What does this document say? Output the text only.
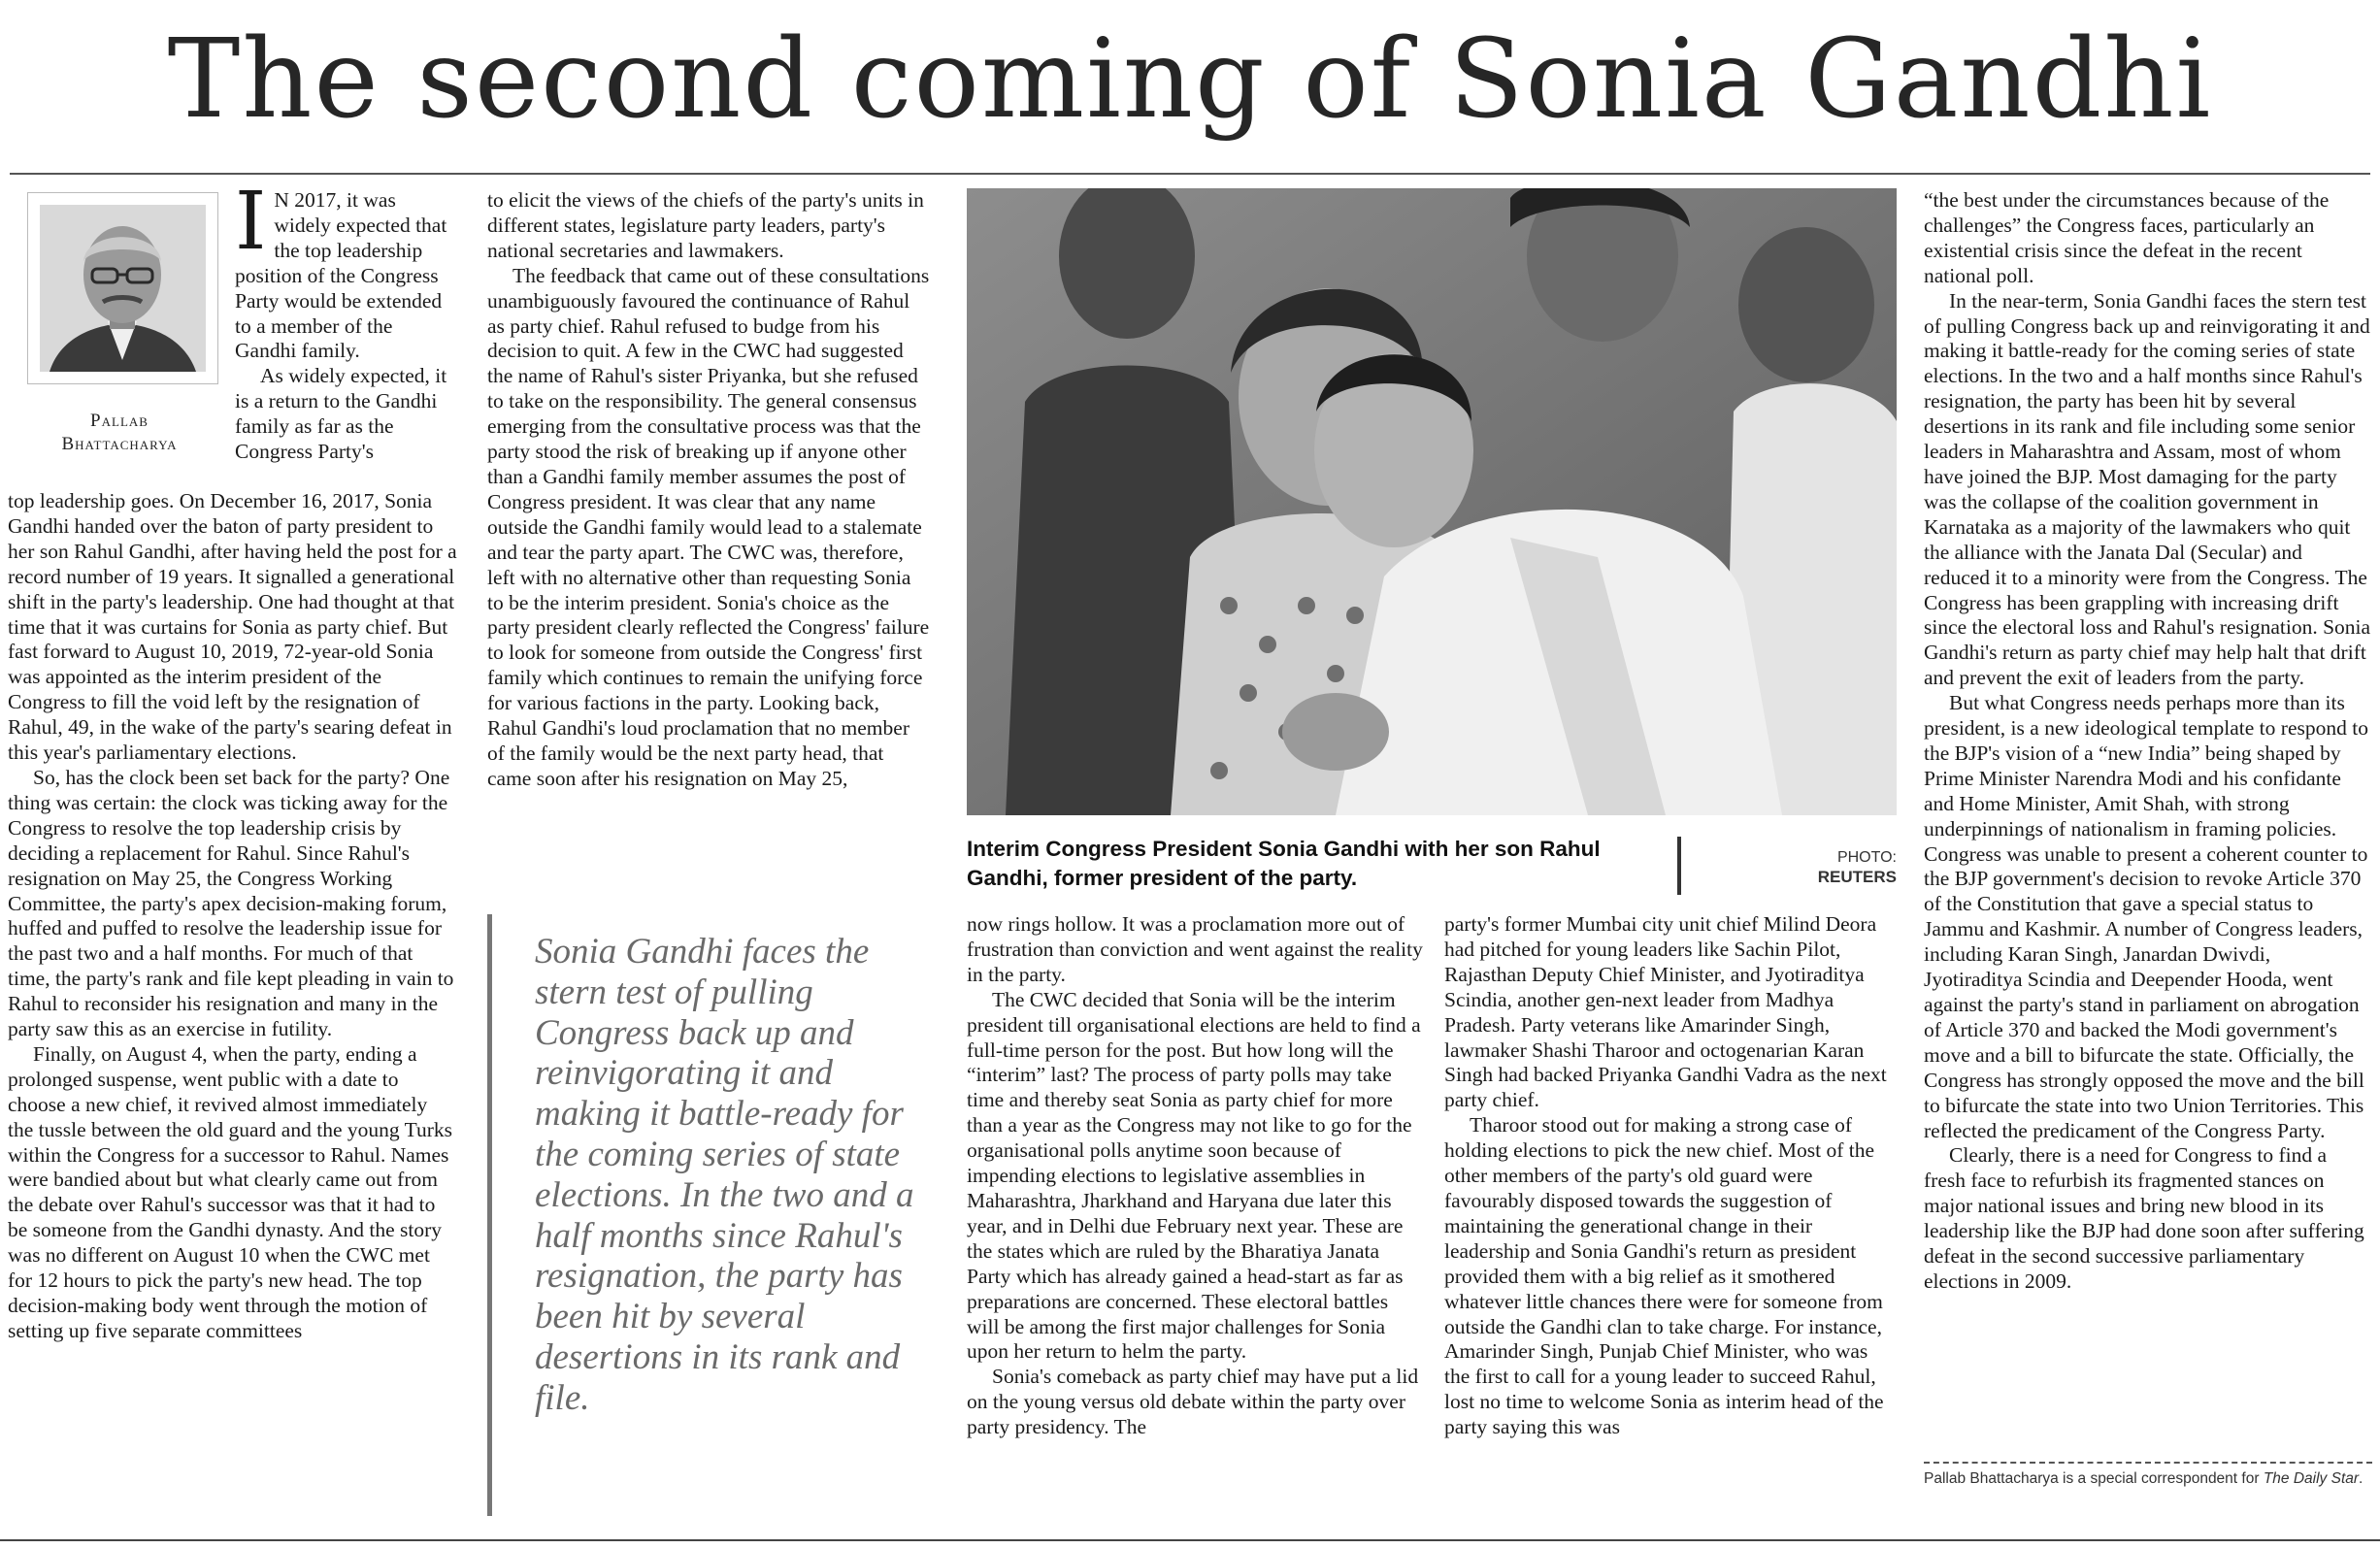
The second coming of Sonia Gandhi
Pallab
Bhattacharya

I N 2017, it was widely expected that the top leadership position of the Congress Party would be extended to a member of the Gandhi family.

As widely expected, it is a return to the Gandhi family as far as the Congress Party's

top leadership goes. On December 16, 2017, Sonia Gandhi handed over the baton of party president to her son Rahul Gandhi, after having held the post for a record number of 19 years. It signalled a generational shift in the party's leadership. One had thought at that time that it was curtains for Sonia as party chief. But fast forward to August 10, 2019, 72-year-old Sonia was appointed as the interim president of the Congress to fill the void left by the resignation of Rahul, 49, in the wake of the party's searing defeat in this year's parliamentary elections.

So, has the clock been set back for the party? One thing was certain: the clock was ticking away for the Congress to resolve the top leadership crisis by deciding a replacement for Rahul. Since Rahul's resignation on May 25, the Congress Working Committee, the party's apex decision-making forum, huffed and puffed to resolve the leadership issue for the past two and a half months. For much of that time, the party's rank and file kept pleading in vain to Rahul to reconsider his resignation and many in the party saw this as an exercise in futility.

Finally, on August 4, when the party, ending a prolonged suspense, went public with a date to choose a new chief, it revived almost immediately the tussle between the old guard and the young Turks within the Congress for a successor to Rahul. Names were bandied about but what clearly came out from the debate over Rahul's successor was that it had to be someone from the Gandhi dynasty. And the story was no different on August 10 when the CWC met for 12 hours to pick the party's new head. The top decision-making body went through the motion of setting up five separate committees

to elicit the views of the chiefs of the party's units in different states, legislature party leaders, party's national secretaries and lawmakers.

The feedback that came out of these consultations unambiguously favoured the continuance of Rahul as party chief. Rahul refused to budge from his decision to quit. A few in the CWC had suggested the name of Rahul's sister Priyanka, but she refused to take on the responsibility. The general consensus emerging from the consultative process was that the party stood the risk of breaking up if anyone other than a Gandhi family member assumes the post of Congress president. It was clear that any name outside the Gandhi family would lead to a stalemate and tear the party apart. The CWC was, therefore, left with no alternative other than requesting Sonia to be the interim president. Sonia's choice as the party president clearly reflected the Congress' failure to look for someone from outside the Congress' first family which continues to remain the unifying force for various factions in the party. Looking back, Rahul Gandhi's loud proclamation that no member of the family would be the next party head, that came soon after his resignation on May 25,

Sonia Gandhi faces the stern test of pulling Congress back up and reinvigorating it and making it battle-ready for the coming series of state elections. In the two and a half months since Rahul's resignation, the party has been hit by several desertions in its rank and file.
Interim Congress President Sonia Gandhi with her son Rahul Gandhi, former president of the party.
PHOTO:
REUTERS

now rings hollow. It was a proclamation more out of frustration than conviction and went against the reality in the party.

The CWC decided that Sonia will be the interim president till organisational elections are held to find a full-time person for the post. But how long will the “interim” last? The process of party polls may take time and thereby seat Sonia as party chief for more than a year as the Congress may not like to go for the organisational polls anytime soon because of impending elections to legislative assemblies in Maharashtra, Jharkhand and Haryana due later this year, and in Delhi due February next year. These are the states which are ruled by the Bharatiya Janata Party which has already gained a head-start as far as preparations are concerned. These electoral battles will be among the first major challenges for Sonia upon her return to helm the party.

Sonia's comeback as party chief may have put a lid on the young versus old debate within the party over party presidency. The

party's former Mumbai city unit chief Milind Deora had pitched for young leaders like Sachin Pilot, Rajasthan Deputy Chief Minister, and Jyotiraditya Scindia, another gen-next leader from Madhya Pradesh. Party veterans like Amarinder Singh, lawmaker Shashi Tharoor and octogenarian Karan Singh had backed Priyanka Gandhi Vadra as the next party chief.

Tharoor stood out for making a strong case of holding elections to pick the new chief. Most of the other members of the party's old guard were favourably disposed towards the suggestion of maintaining the generational change in their leadership and Sonia Gandhi's return as president provided them with a big relief as it smothered whatever little chances there were for someone from outside the Gandhi clan to take charge. For instance, Amarinder Singh, Punjab Chief Minister, who was the first to call for a young leader to succeed Rahul, lost no time to welcome Sonia as interim head of the party saying this was

“the best under the circumstances because of the challenges” the Congress faces, particularly an existential crisis since the defeat in the recent national poll.

In the near-term, Sonia Gandhi faces the stern test of pulling Congress back up and reinvigorating it and making it battle-ready for the coming series of state elections. In the two and a half months since Rahul's resignation, the party has been hit by several desertions in its rank and file including some senior leaders in Maharashtra and Assam, most of whom have joined the BJP. Most damaging for the party was the collapse of the coalition government in Karnataka as a majority of the lawmakers who quit the alliance with the Janata Dal (Secular) and reduced it to a minority were from the Congress. The Congress has been grappling with increasing drift since the electoral loss and Rahul's resignation. Sonia Gandhi's return as party chief may help halt that drift and prevent the exit of leaders from the party.

But what Congress needs perhaps more than its president, is a new ideological template to respond to the BJP's vision of a “new India” being shaped by Prime Minister Narendra Modi and his confidante and Home Minister, Amit Shah, with strong underpinnings of nationalism in framing policies. Congress was unable to present a coherent counter to the BJP government's decision to revoke Article 370 of the Constitution that gave a special status to Jammu and Kashmir. A number of Congress leaders, including Karan Singh, Janardan Dwivdi, Jyotiraditya Scindia and Deepender Hooda, went against the party's stand in parliament on abrogation of Article 370 and backed the Modi government's move and a bill to bifurcate the state. Officially, the Congress has strongly opposed the move and the bill to bifurcate the state into two Union Territories. This reflected the predicament of the Congress Party.

Clearly, there is a need for Congress to find a fresh face to refurbish its fragmented stances on major national issues and bring new blood in its leadership like the BJP had done soon after suffering defeat in the second successive parliamentary elections in 2009.

Pallab Bhattacharya is a special correspondent for The Daily Star.
